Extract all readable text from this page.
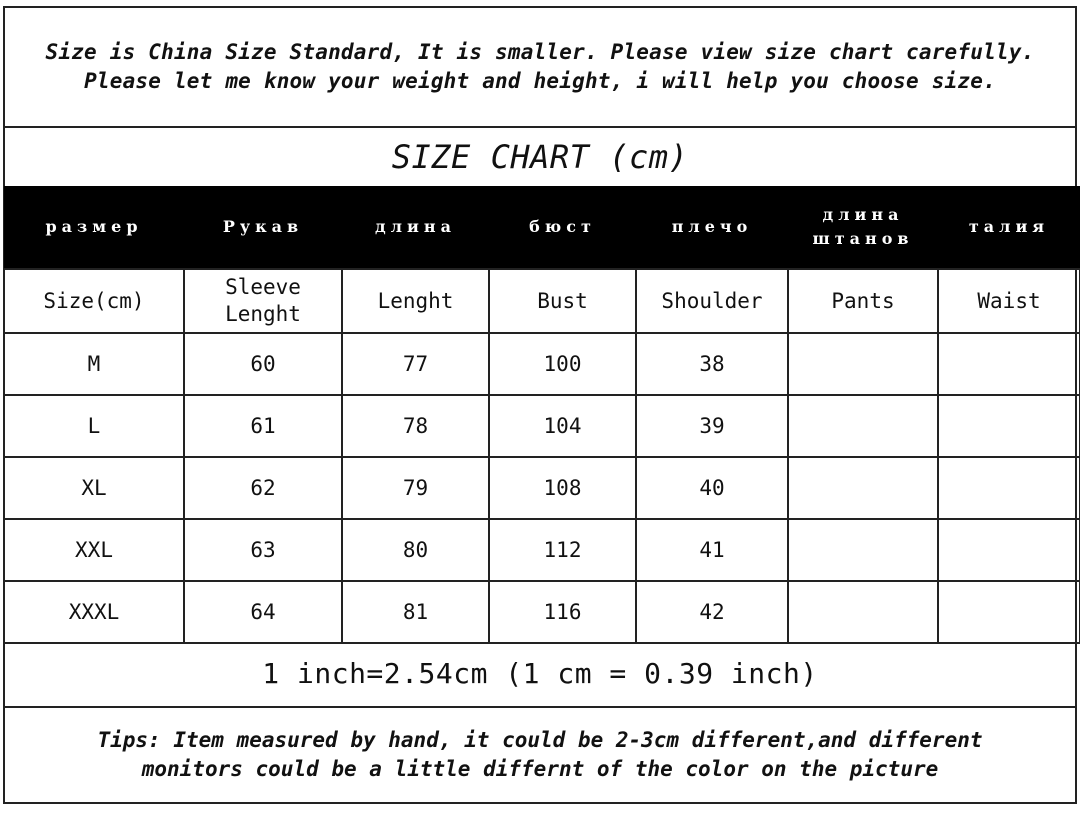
Size is China Size Standard, It is smaller. Please view size chart carefully.
Please let me know your weight and height, i will help you choose size.
SIZE CHART (cm)
размер	Рукав	длина	бюст	плечо	длина штанов	талия
Size(cm)	Sleeve Lenght	Lenght	Bust	Shoulder	Pants	Waist
M	60	77	100	38		
L	61	78	104	39		
XL	62	79	108	40		
XXL	63	80	112	41		
XXXL	64	81	116	42		
1 inch=2.54cm (1 cm = 0.39 inch)
Tips: Item measured by hand, it could be 2-3cm different,and different
monitors could be a little differnt of the color on the picture
